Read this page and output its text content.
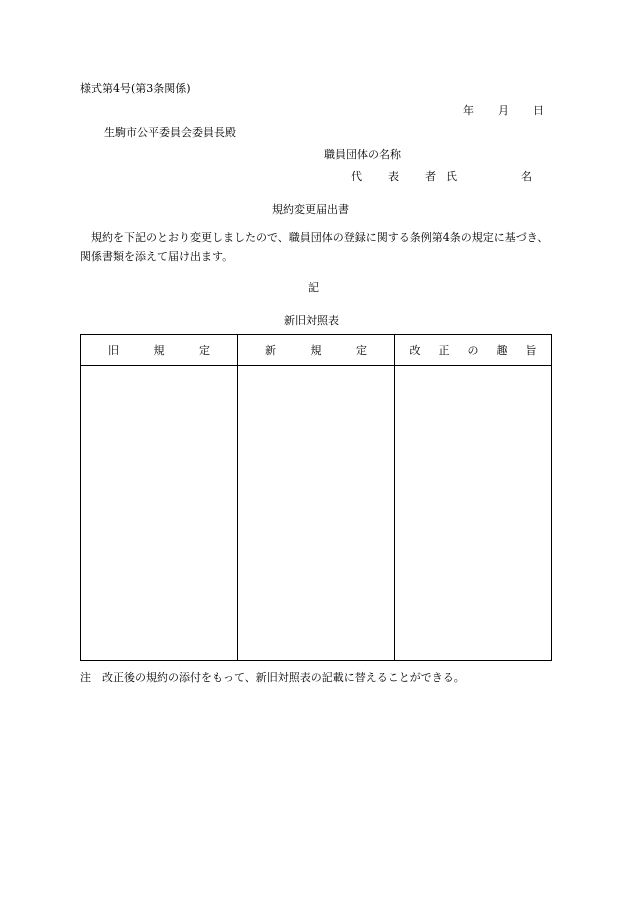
様式第4号(第3条関係)
年 月 日
生駒市公平委員会委員長殿
職員団体の名称
代 表 者 氏	名
規約変更届出書
規約を下記のとおり変更しましたので、職員団体の登録に関する条例第4条の規定に基づき、関係書類を添えて届け出ます。
記
新旧対照表
旧 規 定	新 規 定	改 正 の 趣 旨

注 改正後の規約の添付をもって、新旧対照表の記載に替えることができる。
